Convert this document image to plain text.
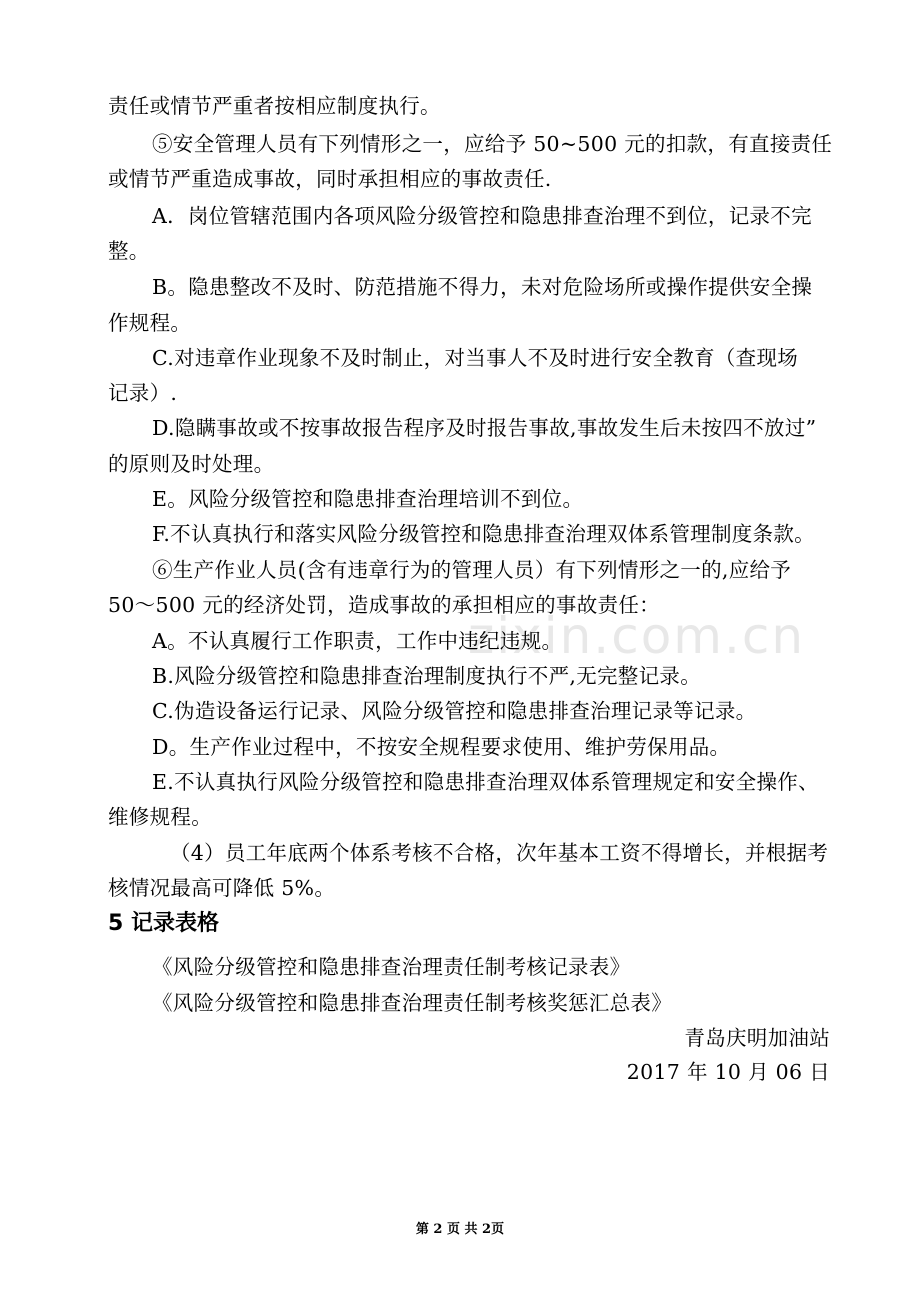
zixin.com.cn
责任或情节严重者按相应制度执行。
⑤安全管理人员有下列情形之一，应给予 50~500 元的扣款，有直接责任
或情节严重造成事故，同时承担相应的事故责任.
A．岗位管辖范围内各项风险分级管控和隐患排查治理不到位，记录不完
整。
B。隐患整改不及时、防范措施不得力，未对危险场所或操作提供安全操
作规程。
C.对违章作业现象不及时制止，对当事人不及时进行安全教育（查现场
记录）.
D.隐瞒事故或不按事故报告程序及时报告事故,事故发生后未按四不放过”
的原则及时处理。
E。风险分级管控和隐患排查治理培训不到位。
F.不认真执行和落实风险分级管控和隐患排查治理双体系管理制度条款。
⑥生产作业人员(含有违章行为的管理人员）有下列情形之一的,应给予
50～500 元的经济处罚，造成事故的承担相应的事故责任：
A。不认真履行工作职责，工作中违纪违规。
B.风险分级管控和隐患排查治理制度执行不严,无完整记录。
C.伪造设备运行记录、风险分级管控和隐患排查治理记录等记录。
D。生产作业过程中，不按安全规程要求使用、维护劳保用品。
E.不认真执行风险分级管控和隐患排查治理双体系管理规定和安全操作、
维修规程。
（4）员工年底两个体系考核不合格，次年基本工资不得增长，并根据考
核情况最高可降低 5%。
5 记录表格
《风险分级管控和隐患排查治理责任制考核记录表》
《风险分级管控和隐患排查治理责任制考核奖惩汇总表》
青岛庆明加油站
2017 年 10 月 06 日
第 2 页 共 2页
